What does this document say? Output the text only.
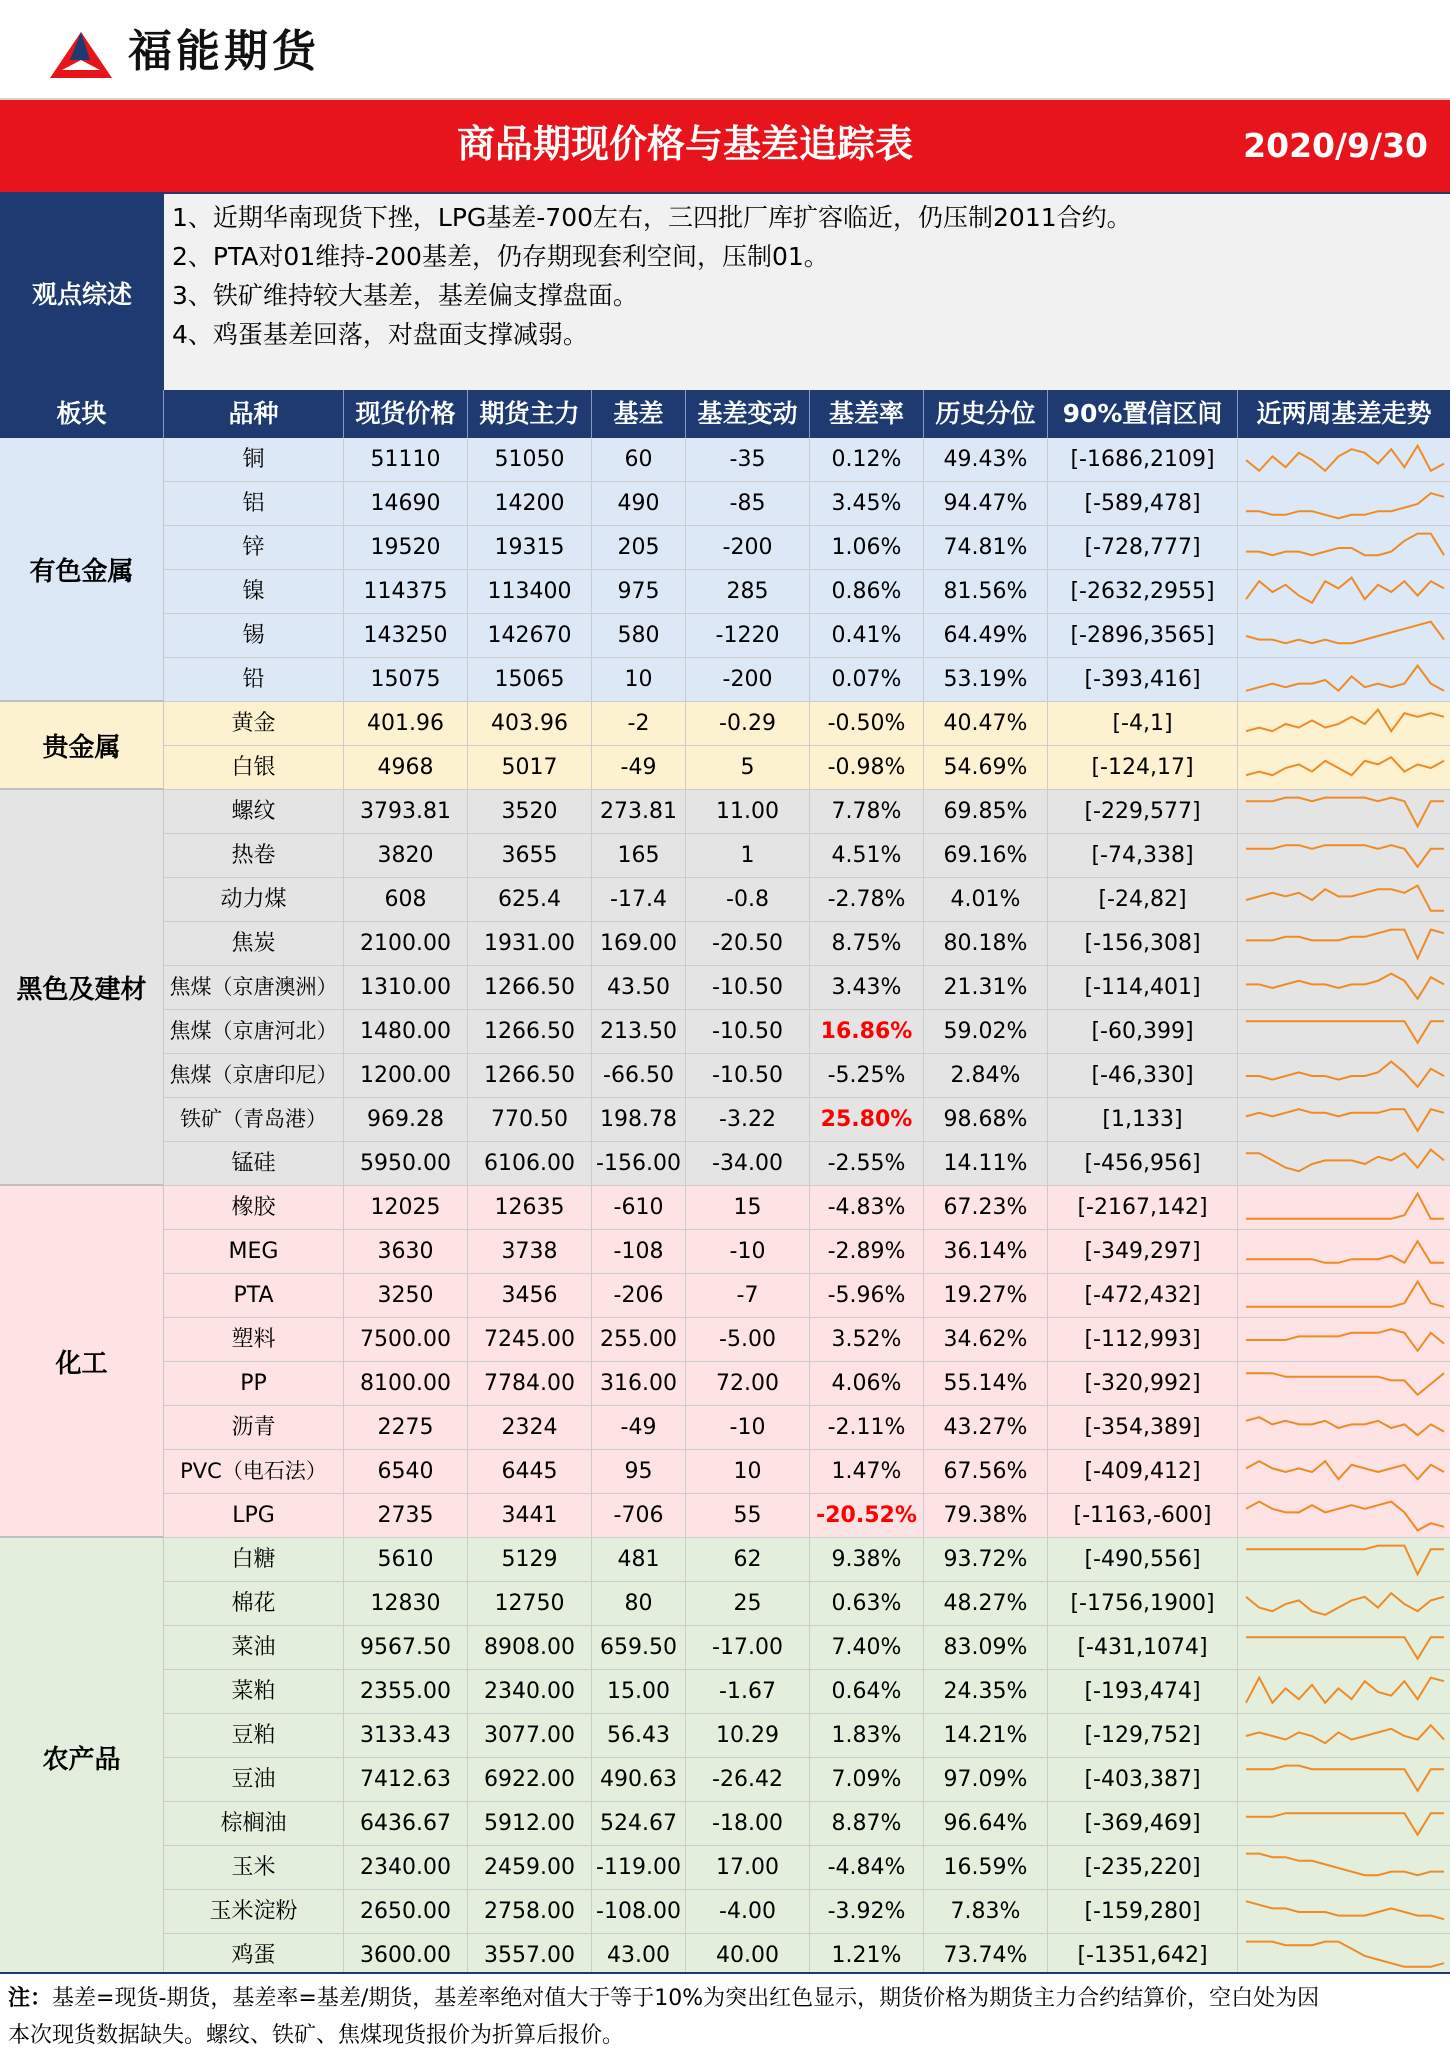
福能期货
商品期现价格与基差追踪表	2020/9/30
观点综述
1、近期华南现货下挫，LPG基差-700左右，三四批厂库扩容临近，仍压制2011合约。
2、PTA对01维持-200基差，仍存期现套利空间，压制01。
3、铁矿维持较大基差，基差偏支撑盘面。
4、鸡蛋基差回落，对盘面支撑减弱。
板块	品种	现货价格 期货主力	基差	基差变动	基差率	历史分位	90%置信区间	近两周基差走势
有色金属
铜	51110	51050	60	-35	0.12%	49.43%	[-1686,2109]
铝	14690	14200	490	-85	3.45%	94.47%	[-589,478]
锌	19520	19315	205	-200	1.06%	74.81%	[-728,777]
镍	114375	113400	975	285	0.86%	81.56%	[-2632,2955]
锡	143250	142670	580	-1220	0.41%	64.49%	[-2896,3565]
铅	15075	15065	10	-200	0.07%	53.19%	[-393,416]
贵金属
黄金	401.96	403.96	-2	-0.29	-0.50%	40.47%	[-4,1]
白银	4968	5017	-49	5	-0.98%	54.69%	[-124,17]
黑色及建材
螺纹	3793.81	3520	273.81	11.00	7.78%	69.85%	[-229,577]
热卷	3820	3655	165	1	4.51%	69.16%	[-74,338]
动力煤	608	625.4	-17.4	-0.8	-2.78%	4.01%	[-24,82]
焦炭	2100.00	1931.00	169.00	-20.50	8.75%	80.18%	[-156,308]
焦煤（京唐澳洲）	1310.00	1266.50	43.50	-10.50	3.43%	21.31%	[-114,401]
焦煤（京唐河北）	1480.00	1266.50	213.50	-10.50	16.86%	59.02%	[-60,399]
焦煤（京唐印尼）	1200.00	1266.50	-66.50	-10.50	-5.25%	2.84%	[-46,330]
铁矿（青岛港）	969.28	770.50	198.78	-3.22	25.80%	98.68%	[1,133]
锰硅	5950.00	6106.00 -156.00	-34.00	-2.55%	14.11%	[-456,956]
化工
橡胶	12025	12635	-610	15	-4.83%	67.23%	[-2167,142]
MEG	3630	3738	-108	-10	-2.89%	36.14%	[-349,297]
PTA	3250	3456	-206	-7	-5.96%	19.27%	[-472,432]
塑料	7500.00	7245.00	255.00	-5.00	3.52%	34.62%	[-112,993]
PP	8100.00	7784.00	316.00	72.00	4.06%	55.14%	[-320,992]
沥青	2275	2324	-49	-10	-2.11%	43.27%	[-354,389]
PVC（电石法）	6540	6445	95	10	1.47%	67.56%	[-409,412]
LPG	2735	3441	-706	55	-20.52%	79.38%	[-1163,-600]
农产品
白糖	5610	5129	481	62	9.38%	93.72%	[-490,556]
棉花	12830	12750	80	25	0.63%	48.27%	[-1756,1900]
菜油	9567.50	8908.00	659.50	-17.00	7.40%	83.09%	[-431,1074]
菜粕	2355.00	2340.00	15.00	-1.67	0.64%	24.35%	[-193,474]
豆粕	3133.43	3077.00	56.43	10.29	1.83%	14.21%	[-129,752]
豆油	7412.63	6922.00	490.63	-26.42	7.09%	97.09%	[-403,387]
棕榈油	6436.67	5912.00	524.67	-18.00	8.87%	96.64%	[-369,469]
玉米	2340.00	2459.00 -119.00	17.00	-4.84%	16.59%	[-235,220]
玉米淀粉	2650.00	2758.00 -108.00	-4.00	-3.92%	7.83%	[-159,280]
鸡蛋	3600.00	3557.00	43.00	40.00	1.21%	73.74%	[-1351,642]
注：基差=现货-期货，基差率=基差/期货，基差率绝对值大于等于10%为突出红色显示，期货价格为期货主力合约结算价，空白处为因
本次现货数据缺失。螺纹、铁矿、焦煤现货报价为折算后报价。
